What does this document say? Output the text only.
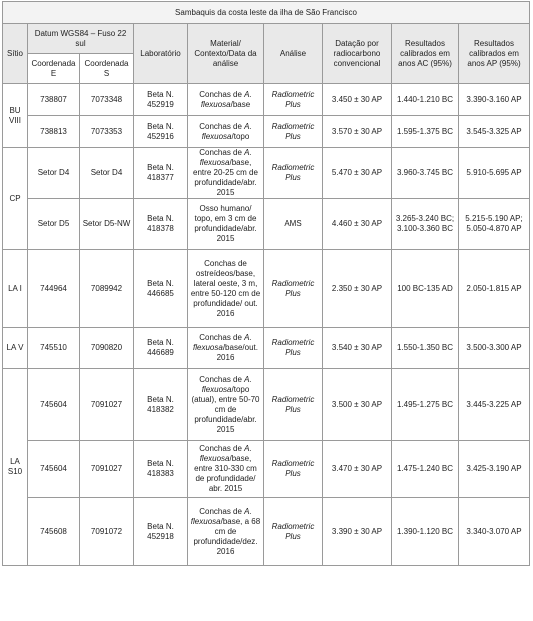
Sambaquis da costa leste da ilha de São Francisco								
Sítio	Datum WGS84 – Fuso 22 sul		Laboratório	Material/ Contexto/Data da análise	Análise	Datação por radiocarbono convencional	Resultados calibrados em anos AC (95%)	Resultados calibrados em anos AP (95%)
	Coordenada E	Coordenada S						
BU VIII	738807	7073348	Beta N. 452919	Conchas de A. flexuosa/base	Radiometric Plus	3.450 ± 30 AP	1.440-1.210 BC	3.390-3.160 AP
	738813	7073353	Beta N. 452916	Conchas de A. flexuosa/topo	Radiometric Plus	3.570 ± 30 AP	1.595-1.375 BC	3.545-3.325 AP
CP	Setor D4	Setor D4	Beta N. 418377	Conchas de A. flexuosa/base, entre 20-25 cm de profundidade/abr. 2015	Radiometric Plus	5.470 ± 30 AP	3.960-3.745 BC	5.910-5.695 AP
	Setor D5	Setor D5-NW	Beta N. 418378	Osso humano/ topo, em 3 cm de profundidade/abr. 2015	AMS	4.460 ± 30 AP	3.265-3.240 BC; 3.100-3.360 BC	5.215-5.190 AP; 5.050-4.870 AP
LA I	744964	7089942	Beta N. 446685	Conchas de ostreídeos/base, lateral oeste, 3 m, entre 50-120 cm de profundidade/ out. 2016	Radiometric Plus	2.350 ± 30 AP	100 BC-135 AD	2.050-1.815 AP
LA V	745510	7090820	Beta N. 446689	Conchas de A. flexuosa/base/out. 2016	Radiometric Plus	3.540 ± 30 AP	1.550-1.350 BC	3.500-3.300 AP
LA S10	745604	7091027	Beta N. 418382	Conchas de A. flexuosa/topo (atual), entre 50-70 cm de profundidade/abr. 2015	Radiometric Plus	3.500 ± 30 AP	1.495-1.275 BC	3.445-3.225 AP
	745604	7091027	Beta N. 418383	Conchas de A. flexuosa/base, entre 310-330 cm de profundidade/ abr. 2015	Radiometric Plus	3.470 ± 30 AP	1.475-1.240 BC	3.425-3.190 AP
	745608	7091072	Beta N. 452918	Conchas de A. flexuosa/base, a 68 cm de profundidade/dez. 2016	Radiometric Plus	3.390 ± 30 AP	1.390-1.120 BC	3.340-3.070 AP
